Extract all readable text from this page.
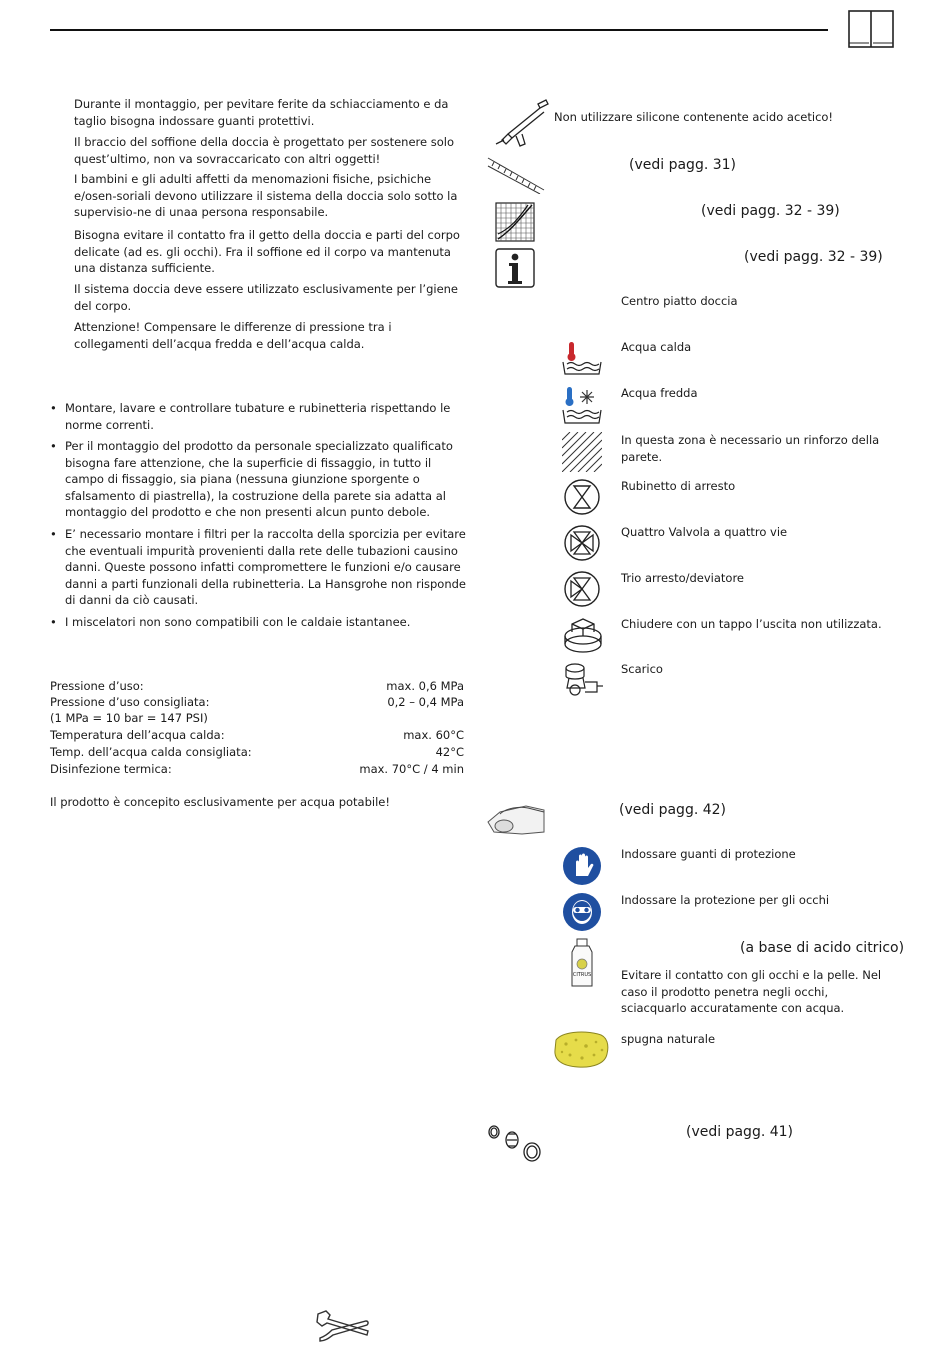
Durante il montaggio, per pevitare ferite da schiacciamento e da taglio bisogna indossare guanti protettivi.

Il braccio del soffione della doccia è progettato per sostenere solo quest’ultimo, non va sovraccaricato con altri oggetti!

I bambini e gli adulti affetti da menomazioni fisiche, psichiche e/osen-soriali devono utilizzare il sistema della doccia solo sotto la supervisio-ne di unaa persona responsabile.

Bisogna evitare il contatto fra il getto della doccia e parti del corpo delicate (ad es. gli occhi). Fra il soffione ed il corpo va mantenuta una distanza sufficiente.

Il sistema doccia deve essere utilizzato esclusivamente per l’giene del corpo.

Attenzione! Compensare le differenze di pressione tra i collegamenti dell’acqua fredda e dell’acqua calda.

• Montare, lavare e controllare tubature e rubinetteria rispettando le norme correnti.
• Per il montaggio del prodotto da personale specializzato qualificato bisogna fare attenzione, che la superficie di fissaggio, in tutto il campo di fissaggio, sia piana (nessuna giunzione sporgente o sfalsamento di piastrella), la costruzione della parete sia adatta al montaggio del prodotto e che non presenti alcun punto debole.
• E’ necessario montare i filtri per la raccolta della sporcizia per evitare che eventuali impurità provenienti dalla rete delle tubazioni causino danni. Queste possono infatti compromettere le funzioni e/o causare danni a parti funzionali della rubinetteria. La Hansgrohe non risponde di danni da ciò causati.
• I miscelatori non sono compatibili con le caldaie istantanee.
Pressione d’uso:	max. 0,6 MPa
Pressione d’uso consigliata:	0,2 – 0,4 MPa
(1 MPa = 10 bar = 147 PSI)
Temperatura dell’acqua calda:	max. 60°C
Temp. dell’acqua calda consigliata:	42°C
Disinfezione termica:	max. 70°C / 4 min
Il prodotto è concepito esclusivamente per acqua potabile!
Non utilizzare silicone contenente acido acetico!
(vedi pagg. 31)
(vedi pagg. 32 - 39)
(vedi pagg. 32 - 39)
Centro piatto doccia
Acqua calda
Acqua fredda
In questa zona è necessario un rinforzo della parete.
Rubinetto di arresto
Quattro Valvola a quattro vie
Trio arresto/deviatore
Chiudere con un tappo l’uscita non utilizzata.
Scarico
(vedi pagg. 42)
Indossare guanti di protezione
Indossare la protezione per gli occhi
CITRUS
(a base di acido citrico)
Evitare il contatto con gli occhi e la pelle. Nel caso il prodotto penetra negli occhi, sciacquarlo accuratamente con acqua.
spugna naturale
(vedi pagg. 41)
